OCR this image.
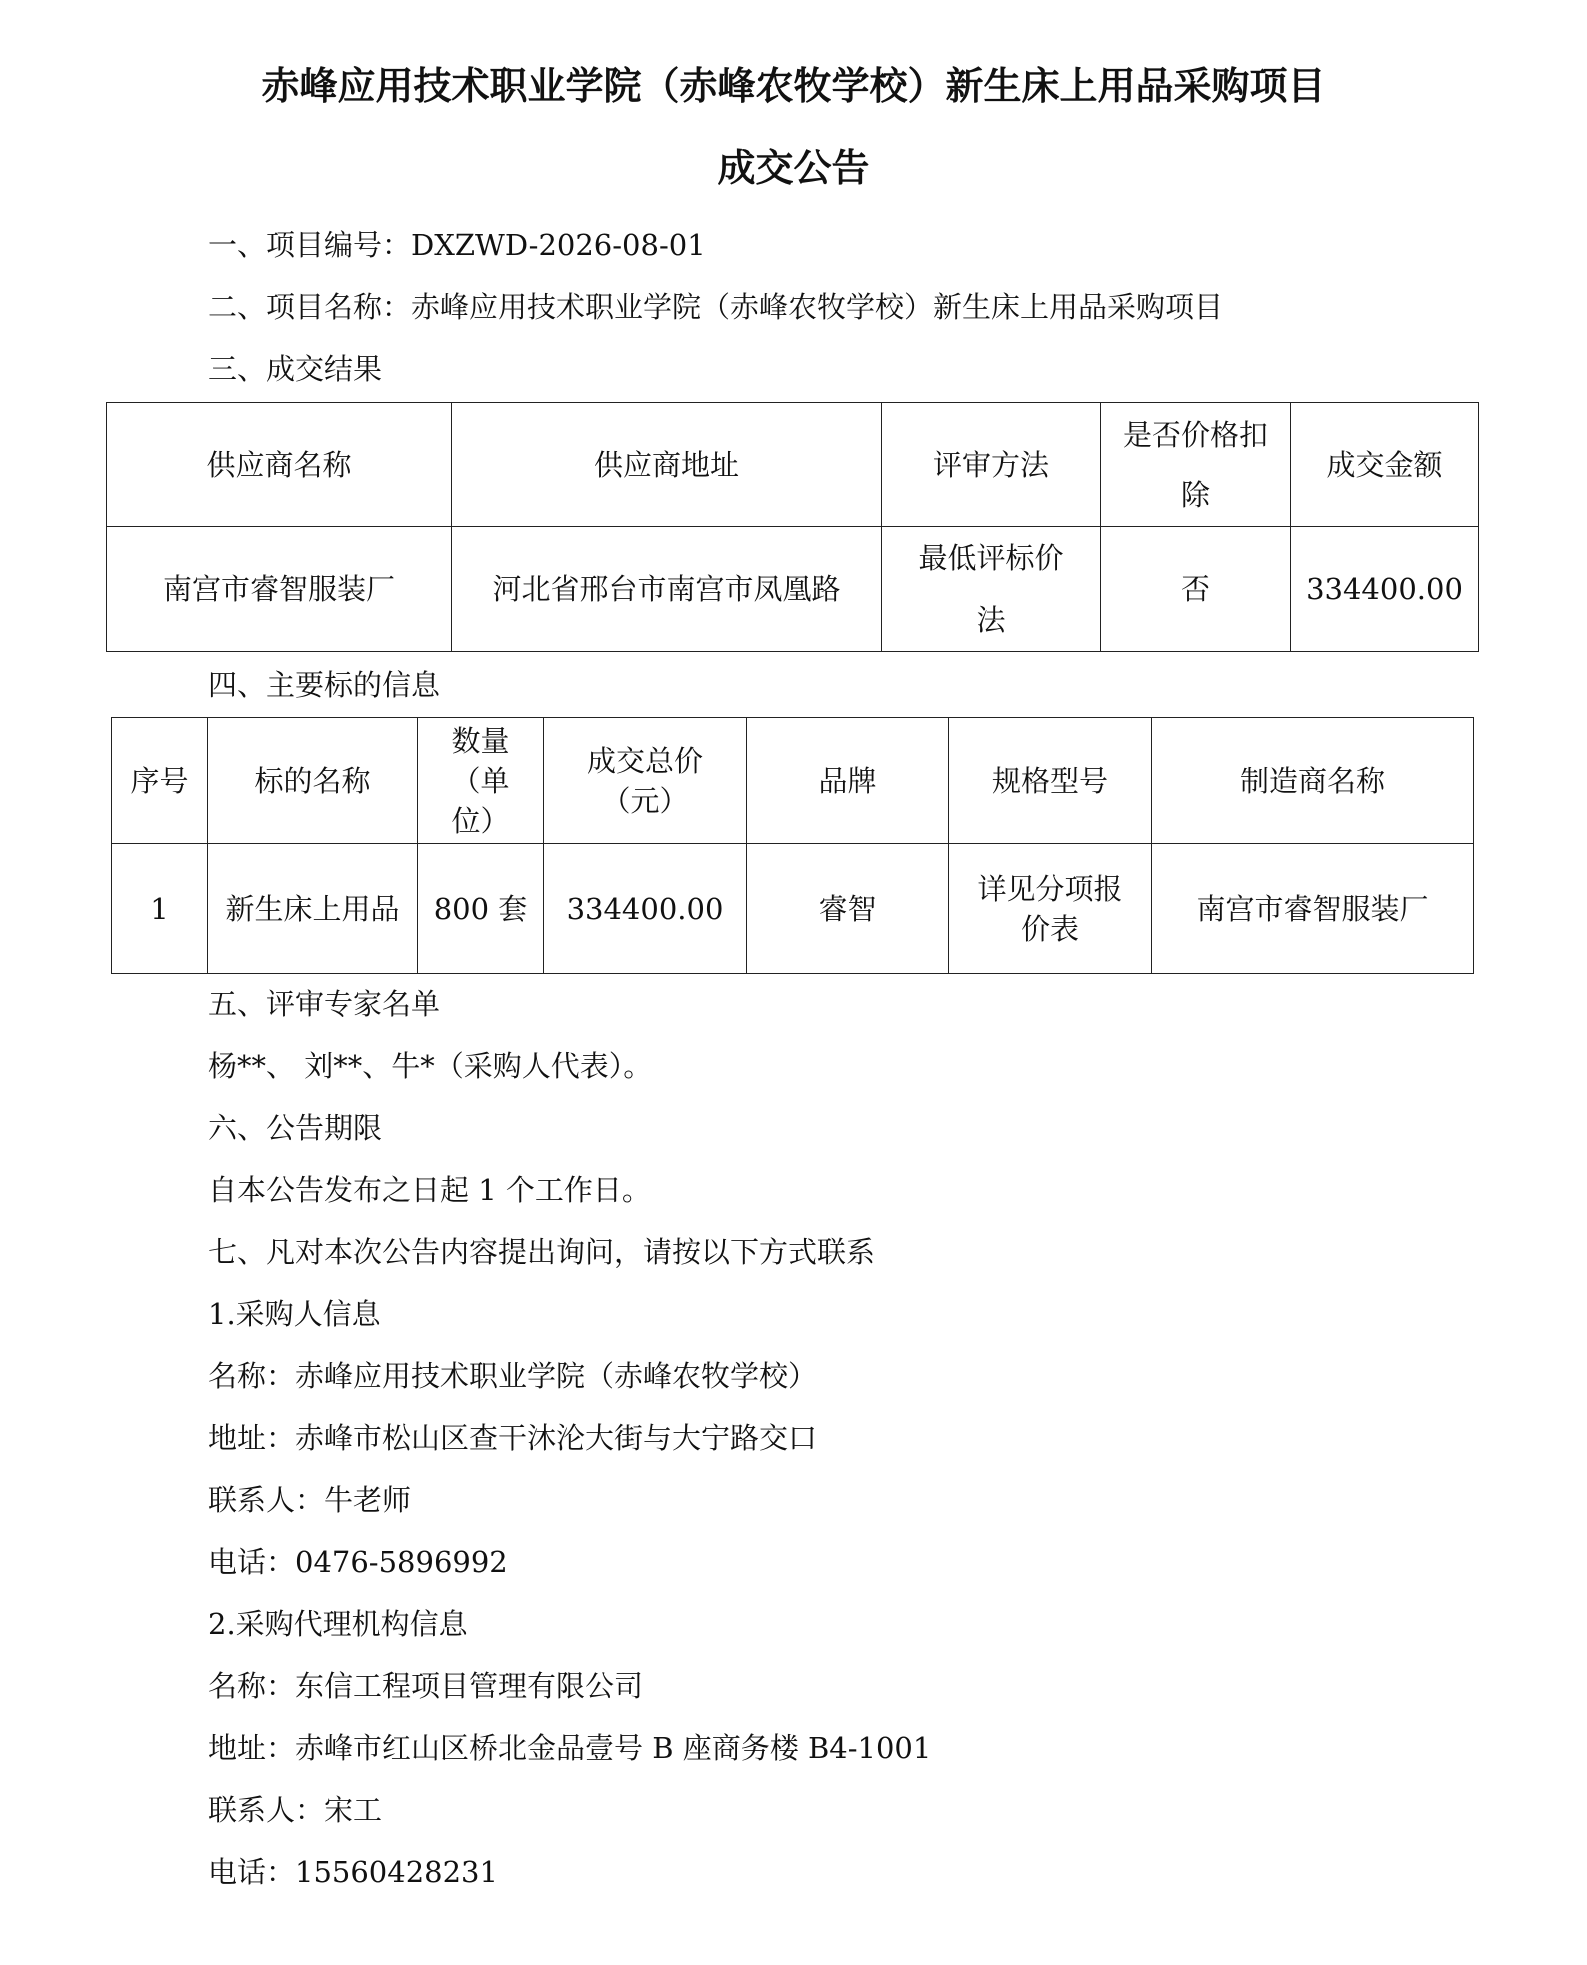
赤峰应用技术职业学院（赤峰农牧学校）新生床上用品采购项目
成交公告

一、项目编号：DXZWD-2026-08-01

二、项目名称：赤峰应用技术职业学院（赤峰农牧学校）新生床上用品采购项目

三、成交结果

供应商名称	供应商地址	评审方法	是否价格扣除	成交金额
南宫市睿智服装厂	河北省邢台市南宫市凤凰路	最低评标价法	否	334400.00

四、主要标的信息

序号	标的名称	数量（单位）	成交总价（元）	品牌	规格型号	制造商名称
1	新生床上用品	800 套	334400.00	睿智	详见分项报价表	南宫市睿智服装厂

五、评审专家名单

杨**、 刘**、牛*（采购人代表）。

六、公告期限

自本公告发布之日起 1 个工作日。

七、凡对本次公告内容提出询问，请按以下方式联系

1.采购人信息

名称：赤峰应用技术职业学院（赤峰农牧学校）

地址：赤峰市松山区查干沐沦大街与大宁路交口

联系人：牛老师

电话：0476-5896992

2.采购代理机构信息

名称：东信工程项目管理有限公司

地址：赤峰市红山区桥北金品壹号 B 座商务楼 B4-1001

联系人：宋工

电话：15560428231
